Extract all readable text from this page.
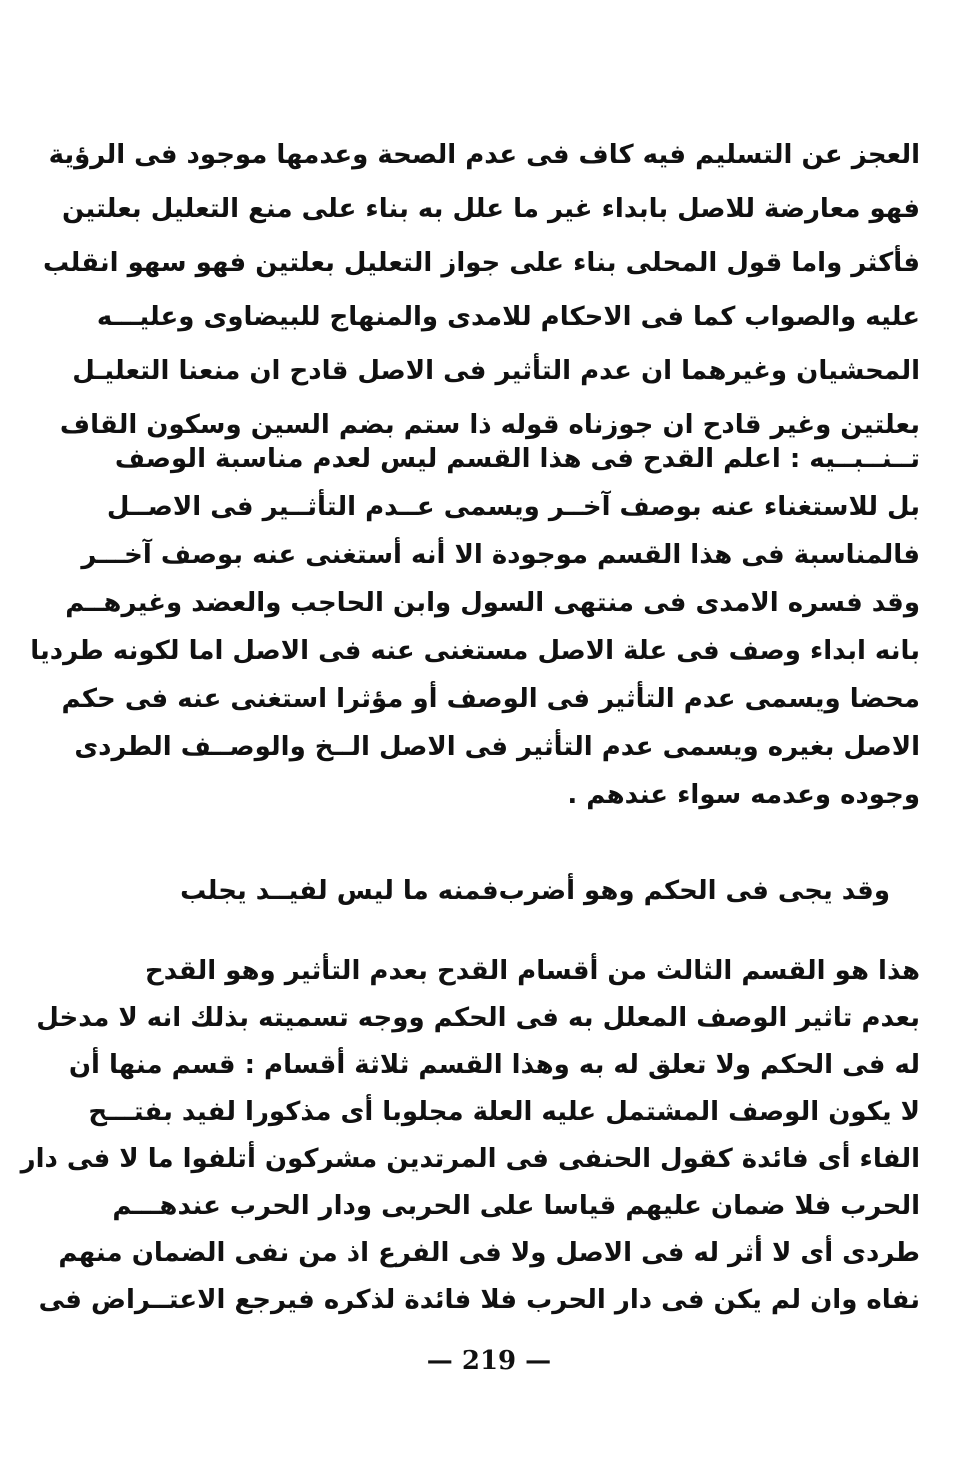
العجز عن التسليم فيه كاف فى عدم الصحة وعدمها موجود فى الرؤية
فهو معارضة للاصل بابداء غير ما علل به بناء على منع التعليل بعلتين
فأكثر واما قول المحلى بناء على جواز التعليل بعلتين فهو سهو انقلب
عليه والصواب كما فى الاحكام للامدى والمنهاج للبيضاوى وعليـــه
المحشيان وغيرهما ان عدم التأثير فى الاصل قادح ان منعنا التعليـل
بعلتين وغير قادح ان جوزناه قوله ذا ستم بضم السين وسكون القاف
تــنــبــيه : اعلم القدح فى هذا القسم ليس لعدم مناسبة الوصف
بل للاستغناء عنه بوصف آخــر ويسمى عــدم التأثــير فى الاصــل
فالمناسبة فى هذا القسم موجودة الا أنه أستغنى عنه بوصف آخـــر
وقد فسره الامدى فى منتهى السول وابن الحاجب والعضد وغيرهــم
بانه ابداء وصف فى علة الاصل مستغنى عنه فى الاصل اما لكونه طرديا
محضا ويسمى عدم التأثير فى الوصف أو مؤثرا استغنى عنه فى حكم
الاصل بغيره ويسمى عدم التأثير فى الاصل الــخ والوصــف الطردى
وجوده وعدمه سواء عندهم .
وقد يجى فى الحكم وهو أضرب
فمنه ما ليس لفيــد يجلب
هذا هو القسم الثالث من أقسام القدح بعدم التأثير وهو القدح
بعدم تاثير الوصف المعلل به فى الحكم ووجه تسميته بذلك انه لا مدخل
له فى الحكم ولا تعلق له به وهذا القسم ثلاثة أقسام : قسم منها أن
لا يكون الوصف المشتمل عليه العلة مجلوبا أى مذكورا لفيد بفتـــح
الفاء أى فائدة كقول الحنفى فى المرتدين مشركون أتلفوا ما لا فى دار
الحرب فلا ضمان عليهم قياسا على الحربى ودار الحرب عندهـــم
طردى أى لا أثر له فى الاصل ولا فى الفرع اذ من نفى الضمان منهم
نفاه وان لم يكن فى دار الحرب فلا فائدة لذكره فيرجع الاعتــراض فى
— 219 —
